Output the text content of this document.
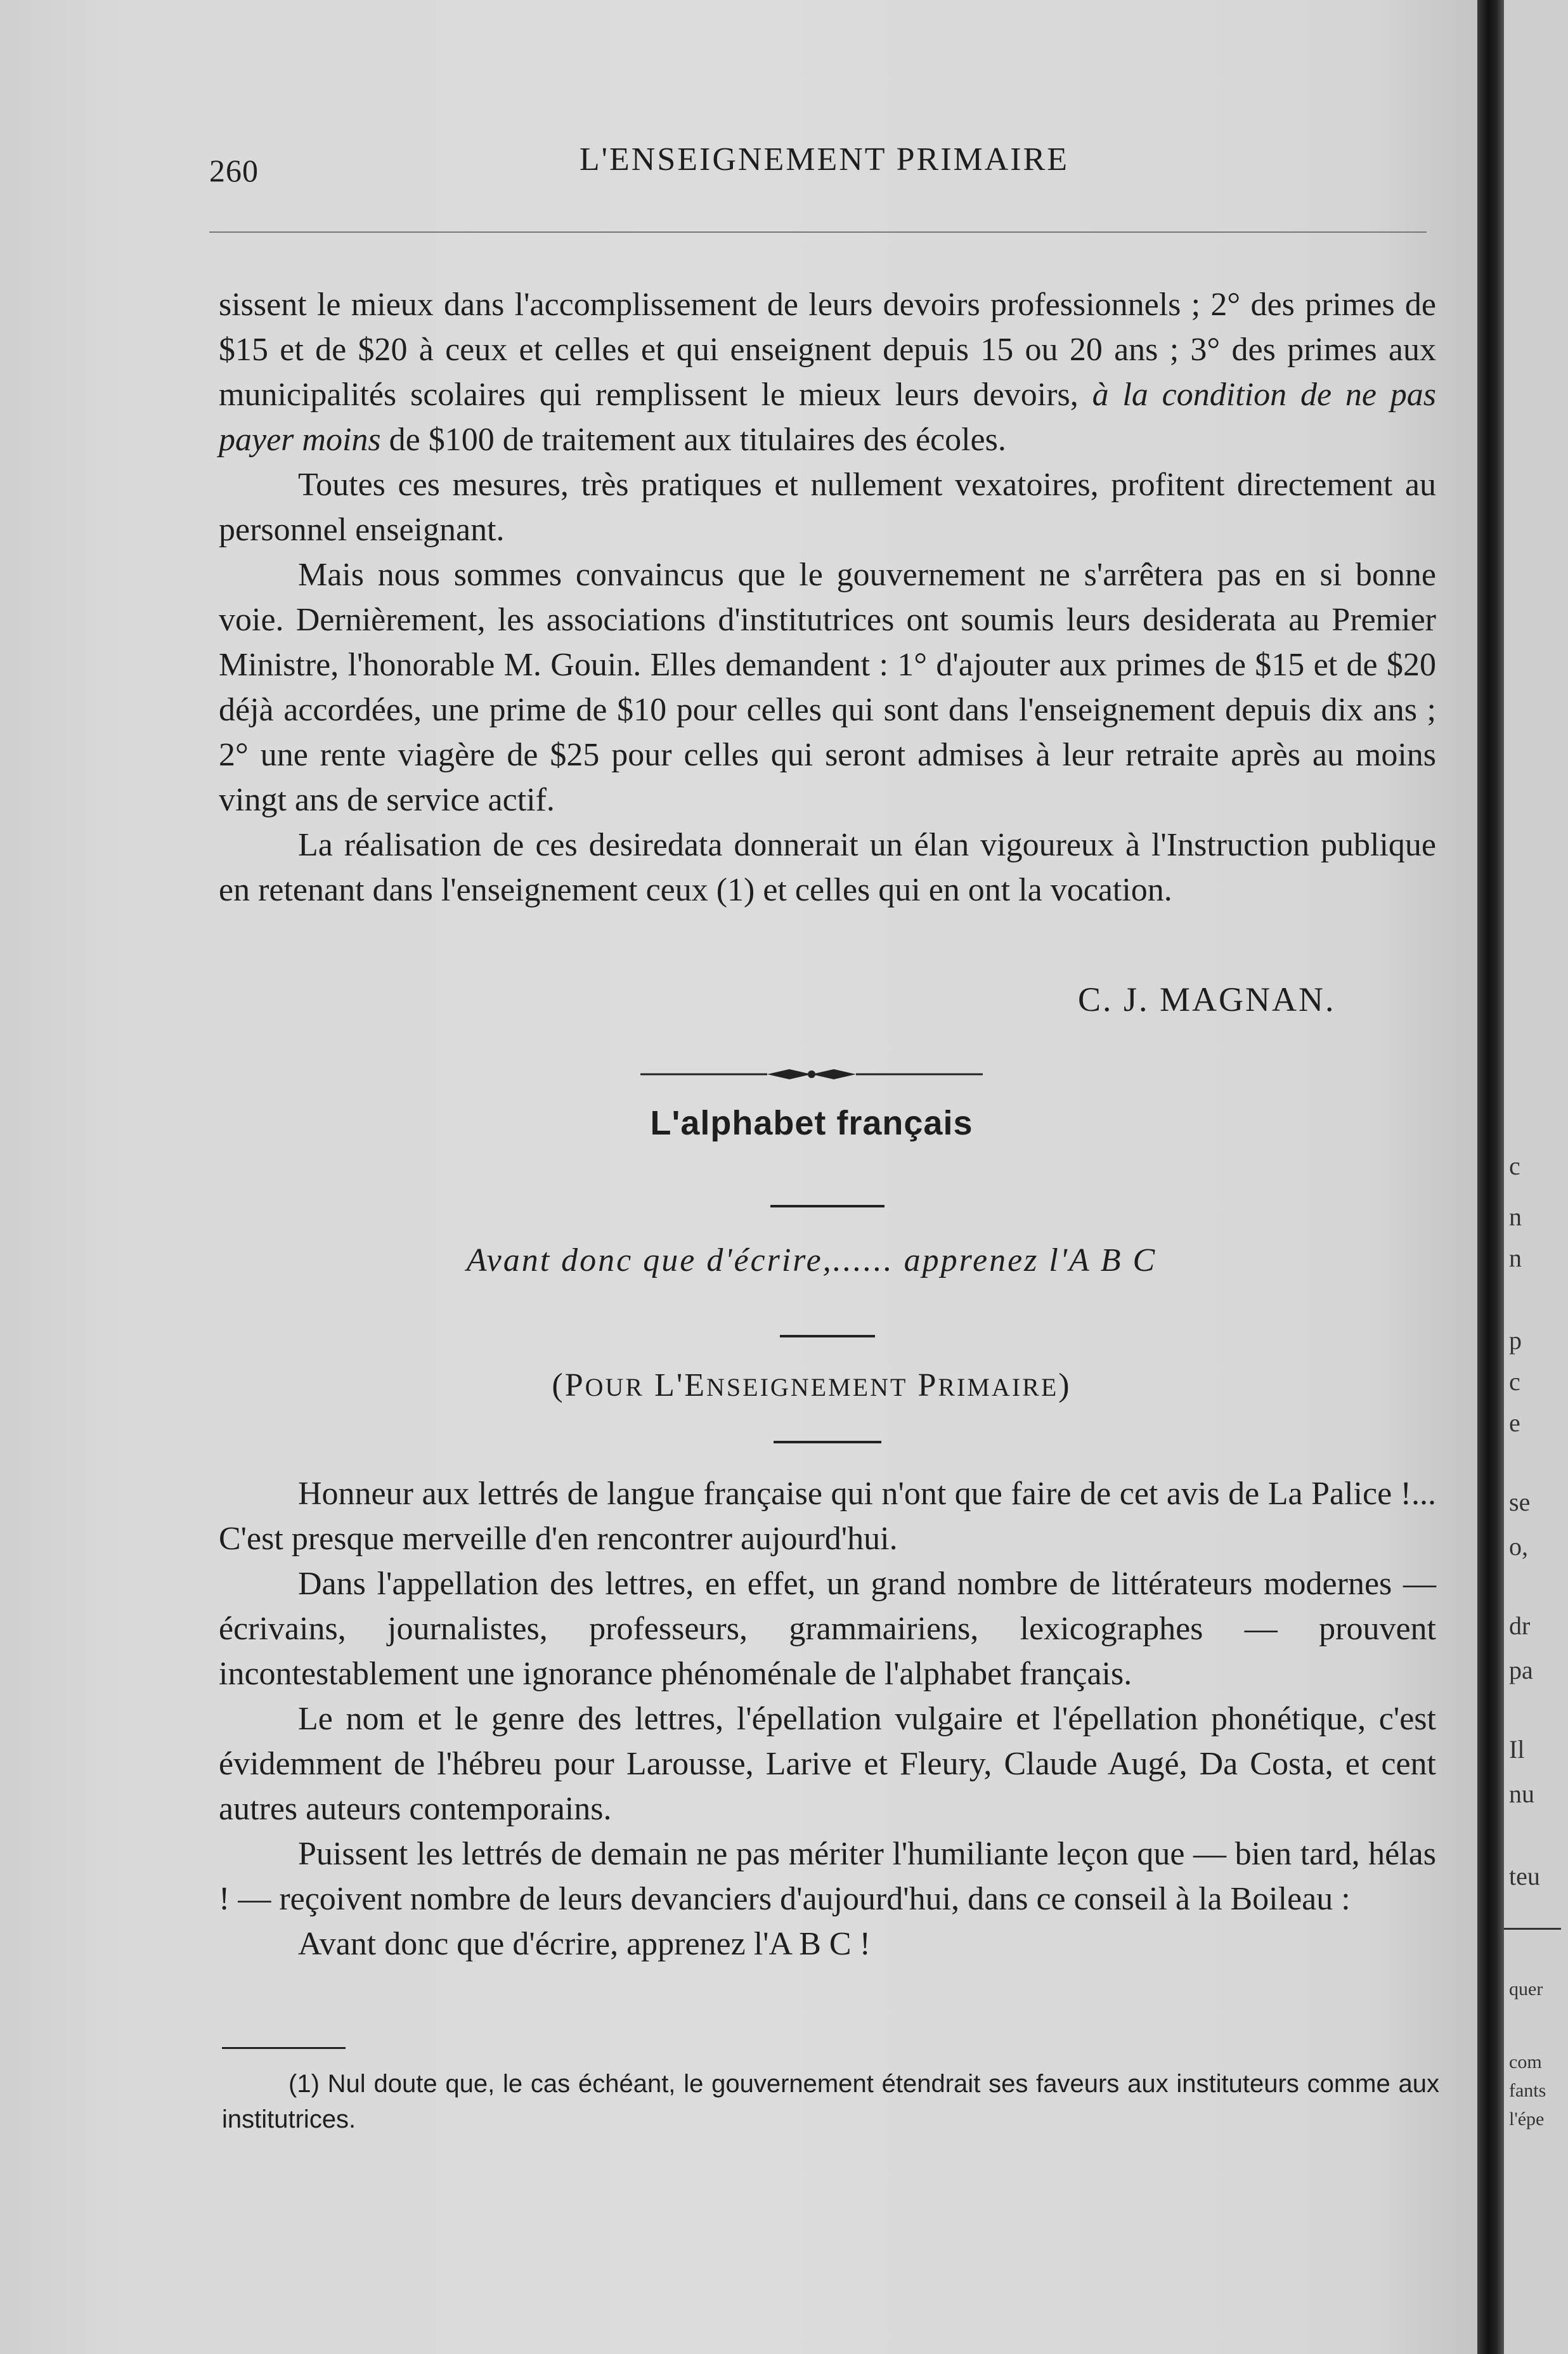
260	L'ENSEIGNEMENT PRIMAIRE

sissent le mieux dans l'accomplissement de leurs devoirs professionnels ; 2° des primes de $15 et de $20 à ceux et celles et qui enseignent depuis 15 ou 20 ans ; 3° des primes aux municipalités scolaires qui remplissent le mieux leurs devoirs, à la condition de ne pas payer moins de $100 de traitement aux titulaires des écoles.

Toutes ces mesures, très pratiques et nullement vexatoires, profitent directement au personnel enseignant.

Mais nous sommes convaincus que le gouvernement ne s'arrêtera pas en si bonne voie. Dernièrement, les associations d'institutrices ont soumis leurs desiderata au Premier Ministre, l'honorable M. Gouin. Elles demandent : 1° d'ajouter aux primes de $15 et de $20 déjà accordées, une prime de $10 pour celles qui sont dans l'enseignement depuis dix ans ; 2° une rente viagère de $25 pour celles qui seront admises à leur retraite après au moins vingt ans de service actif.

La réalisation de ces desiredata donnerait un élan vigoureux à l'Instruction publique en retenant dans l'enseignement ceux (1) et celles qui en ont la vocation.

C. J. MAGNAN.
L'alphabet français
Avant donc que d'écrire,...... apprenez l'A B C
(POUR L'ENSEIGNEMENT PRIMAIRE)

Honneur aux lettrés de langue française qui n'ont que faire de cet avis de La Palice !... C'est presque merveille d'en rencontrer aujourd'hui.

Dans l'appellation des lettres, en effet, un grand nombre de littérateurs modernes — écrivains, journalistes, professeurs, grammairiens, lexicographes — prouvent incontestablement une ignorance phénoménale de l'alphabet français.

Le nom et le genre des lettres, l'épellation vulgaire et l'épellation phonétique, c'est évidemment de l'hébreu pour Larousse, Larive et Fleury, Claude Augé, Da Costa, et cent autres auteurs contemporains.

Puissent les lettrés de demain ne pas mériter l'humiliante leçon que — bien tard, hélas ! — reçoivent nombre de leurs devanciers d'aujourd'hui, dans ce conseil à la Boileau :

Avant donc que d'écrire, apprenez l'A B C !

(1) Nul doute que, le cas échéant, le gouvernement étendrait ses faveurs aux instituteurs comme aux institutrices.

c
n
n
p
c
e
se
o,
dr
pa
Il
nu
teu
quer
com
fants
l'épe
